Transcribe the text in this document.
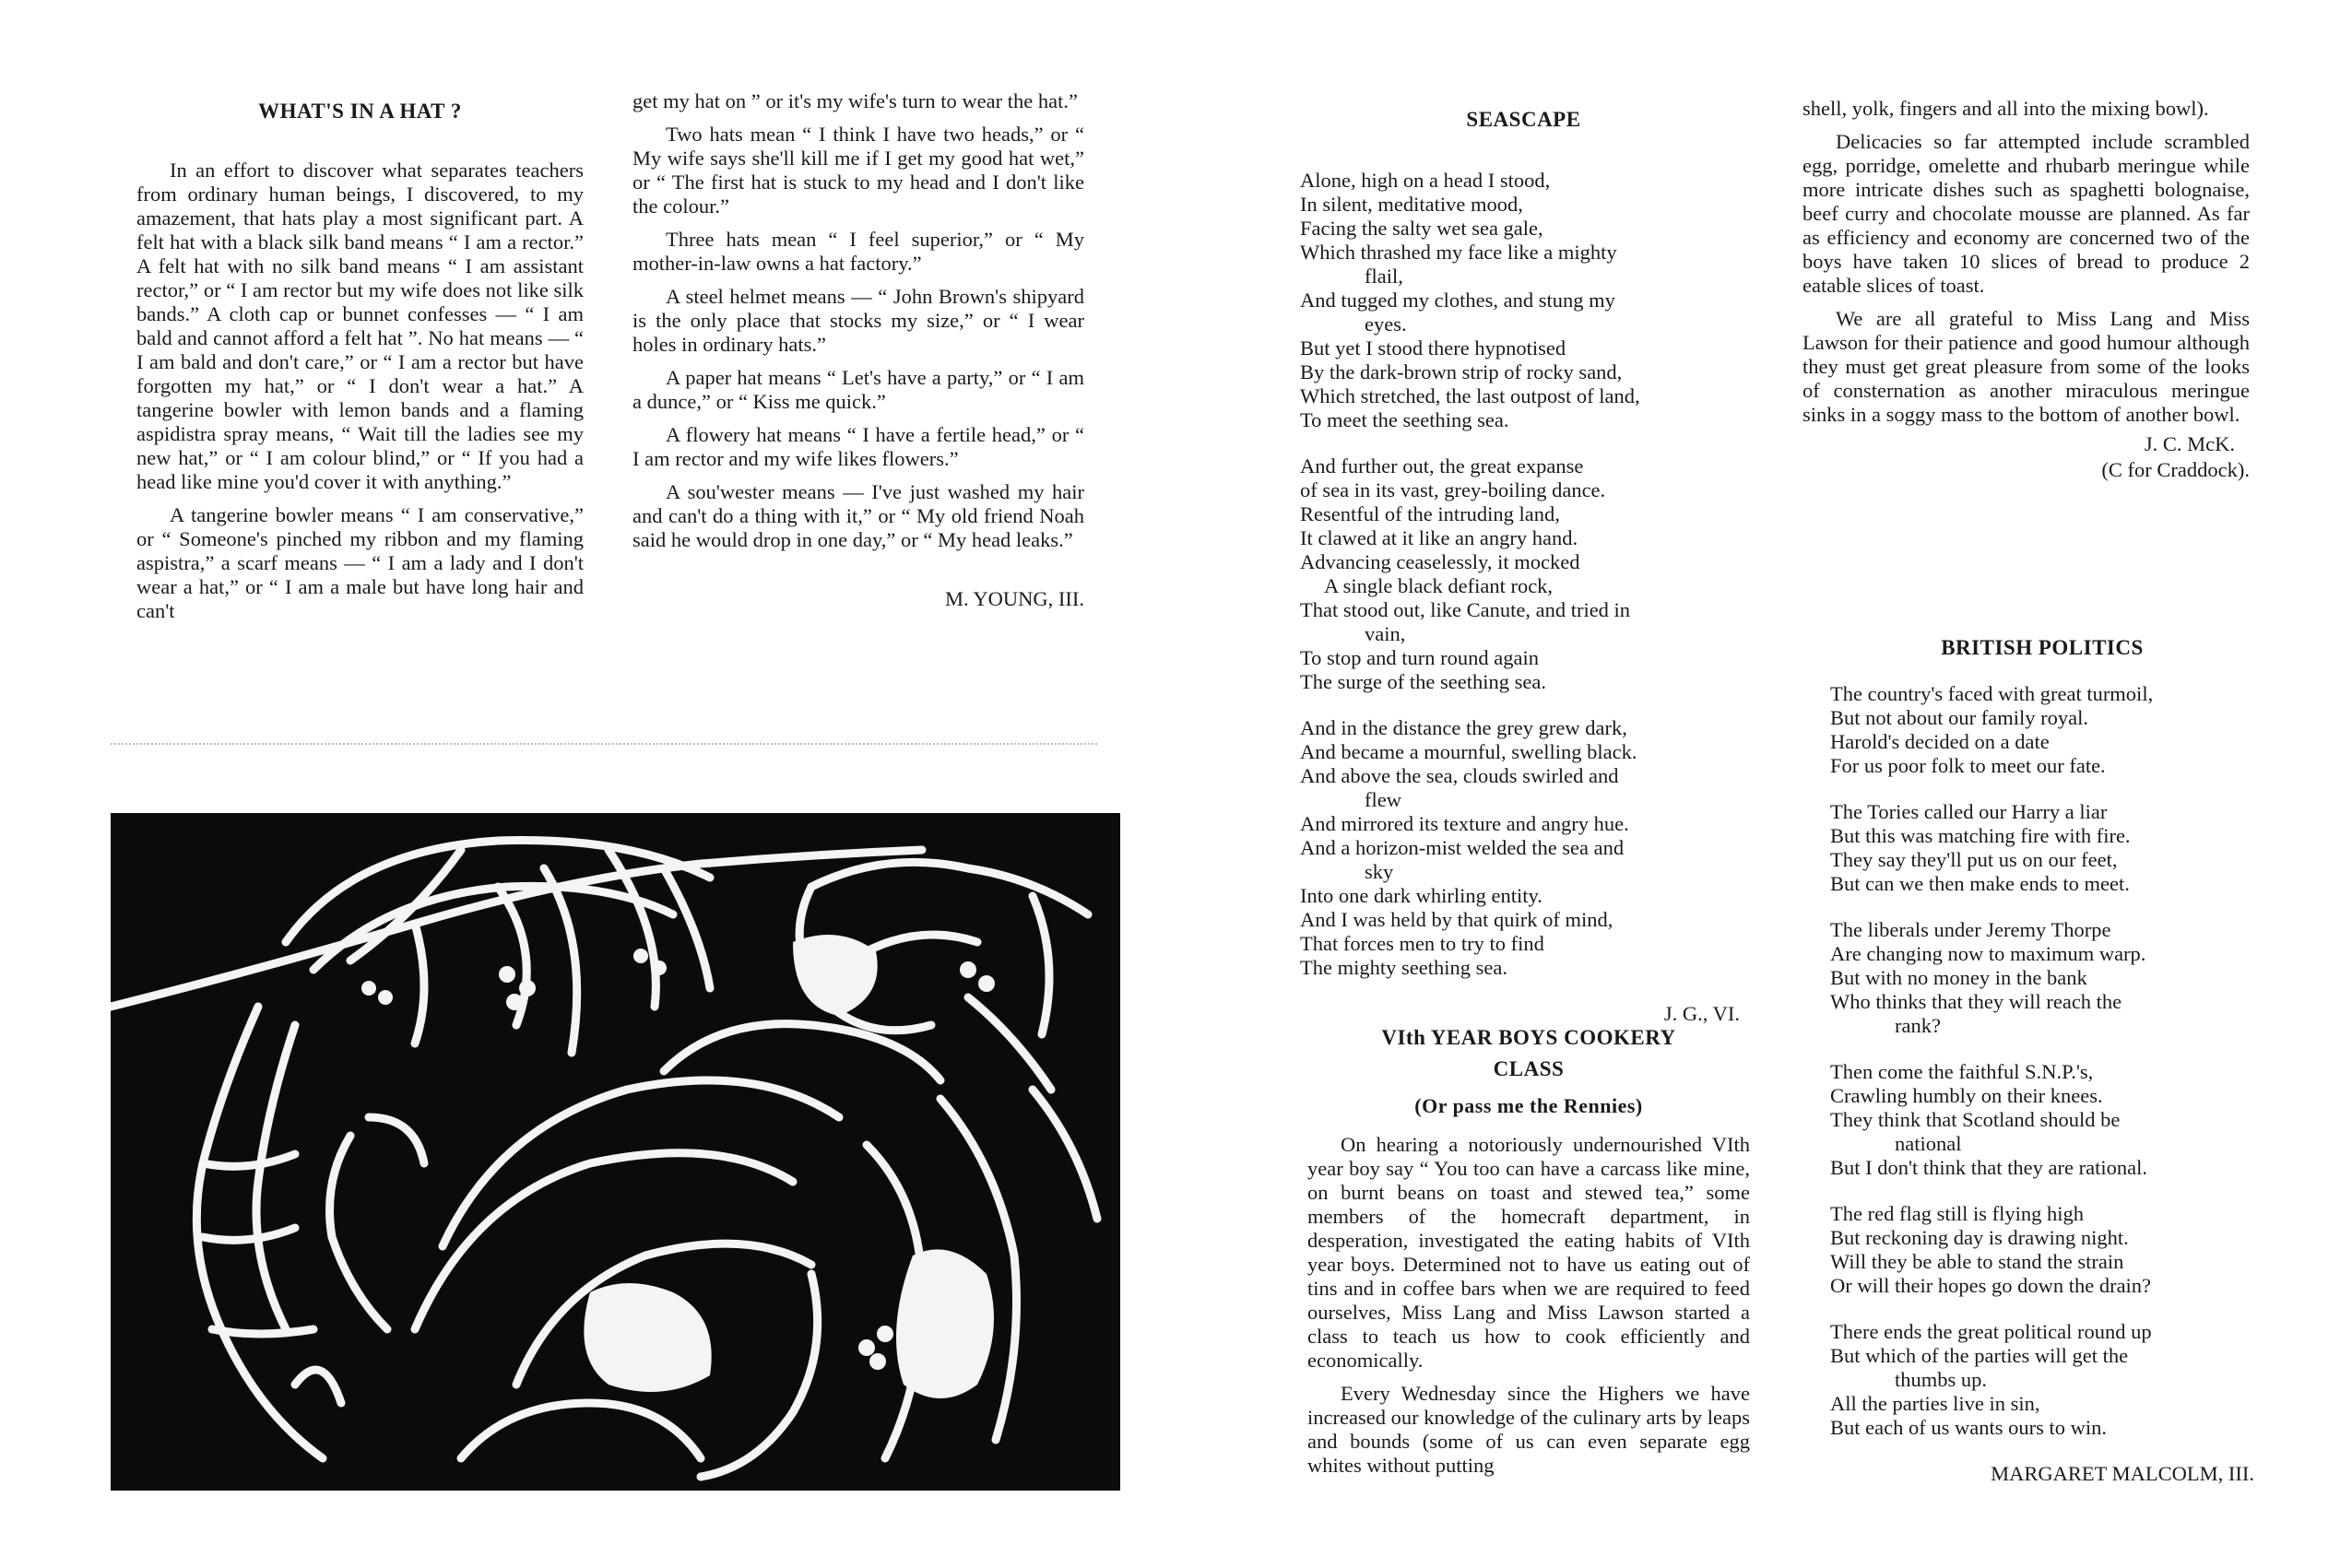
WHAT'S IN A HAT ?

In an effort to discover what separates teachers from ordinary human beings, I discovered, to my amazement, that hats play a most significant part. A felt hat with a black silk band means “ I am a rector.” A felt hat with no silk band means “ I am assistant rector,” or “ I am rector but my wife does not like silk bands.” A cloth cap or bunnet confesses — “ I am bald and cannot afford a felt hat ”. No hat means — “ I am bald and don't care,” or “ I am a rector but have forgotten my hat,” or “ I don't wear a hat.” A tangerine bowler with lemon bands and a flaming aspidistra spray means, “ Wait till the ladies see my new hat,” or “ I am colour blind,” or “ If you had a head like mine you'd cover it with anything.”

A tangerine bowler means “ I am conservative,” or “ Someone's pinched my ribbon and my flaming aspistra,” a scarf means — “ I am a lady and I don't wear a hat,” or “ I am a male but have long hair and can't

get my hat on ” or it's my wife's turn to wear the hat.”

Two hats mean “ I think I have two heads,” or “ My wife says she'll kill me if I get my good hat wet,” or “ The first hat is stuck to my head and I don't like the colour.”

Three hats mean “ I feel superior,” or “ My mother-in-law owns a hat factory.”

A steel helmet means — “ John Brown's shipyard is the only place that stocks my size,” or “ I wear holes in ordinary hats.”

A paper hat means “ Let's have a party,” or “ I am a dunce,” or “ Kiss me quick.”

A flowery hat means “ I have a fertile head,” or “ I am rector and my wife likes flowers.”

A sou'wester means — I've just washed my hair and can't do a thing with it,” or “ My old friend Noah said he would drop in one day,” or “ My head leaks.”

M. YOUNG, III.
SEASCAPE
Alone, high on a head I stood,
In silent, meditative mood,
Facing the salty wet sea gale,
Which thrashed my face like a mighty
flail,
And tugged my clothes, and stung my
eyes.
But yet I stood there hypnotised
By the dark-brown strip of rocky sand,
Which stretched, the last outpost of land,
To meet the seething sea.
And further out, the great expanse
of sea in its vast, grey-boiling dance.
Resentful of the intruding land,
It clawed at it like an angry hand.
Advancing ceaselessly, it mocked
A single black defiant rock,
That stood out, like Canute, and tried in
vain,
To stop and turn round again
The surge of the seething sea.
And in the distance the grey grew dark,
And became a mournful, swelling black.
And above the sea, clouds swirled and
flew
And mirrored its texture and angry hue.
And a horizon-mist welded the sea and
sky
Into one dark whirling entity.
And I was held by that quirk of mind,
That forces men to try to find
The mighty seething sea.
J. G., VI.
VIth YEAR BOYS COOKERY
CLASS
(Or pass me the Rennies)

On hearing a notoriously undernourished VIth year boy say “ You too can have a carcass like mine, on burnt beans on toast and stewed tea,” some members of the homecraft department, in desperation, investigated the eating habits of VIth year boys. Determined not to have us eating out of tins and in coffee bars when we are required to feed ourselves, Miss Lang and Miss Lawson started a class to teach us how to cook efficiently and economically.

Every Wednesday since the Highers we have increased our knowledge of the culinary arts by leaps and bounds (some of us can even separate egg whites without putting

shell, yolk, fingers and all into the mixing bowl).

Delicacies so far attempted include scrambled egg, porridge, omelette and rhubarb meringue while more intricate dishes such as spaghetti bolognaise, beef curry and chocolate mousse are planned. As far as efficiency and economy are concerned two of the boys have taken 10 slices of bread to produce 2 eatable slices of toast.

We are all grateful to Miss Lang and Miss Lawson for their patience and good humour although they must get great pleasure from some of the looks of consternation as another miraculous meringue sinks in a soggy mass to the bottom of another bowl.

J. C. McK.
(C for Craddock).
BRITISH POLITICS
The country's faced with great turmoil,
But not about our family royal.
Harold's decided on a date
For us poor folk to meet our fate.
The Tories called our Harry a liar
But this was matching fire with fire.
They say they'll put us on our feet,
But can we then make ends to meet.
The liberals under Jeremy Thorpe
Are changing now to maximum warp.
But with no money in the bank
Who thinks that they will reach the
rank?
Then come the faithful S.N.P.'s,
Crawling humbly on their knees.
They think that Scotland should be
national
But I don't think that they are rational.
The red flag still is flying high
But reckoning day is drawing night.
Will they be able to stand the strain
Or will their hopes go down the drain?
There ends the great political round up
But which of the parties will get the
thumbs up.
All the parties live in sin,
But each of us wants ours to win.
MARGARET MALCOLM, III.
